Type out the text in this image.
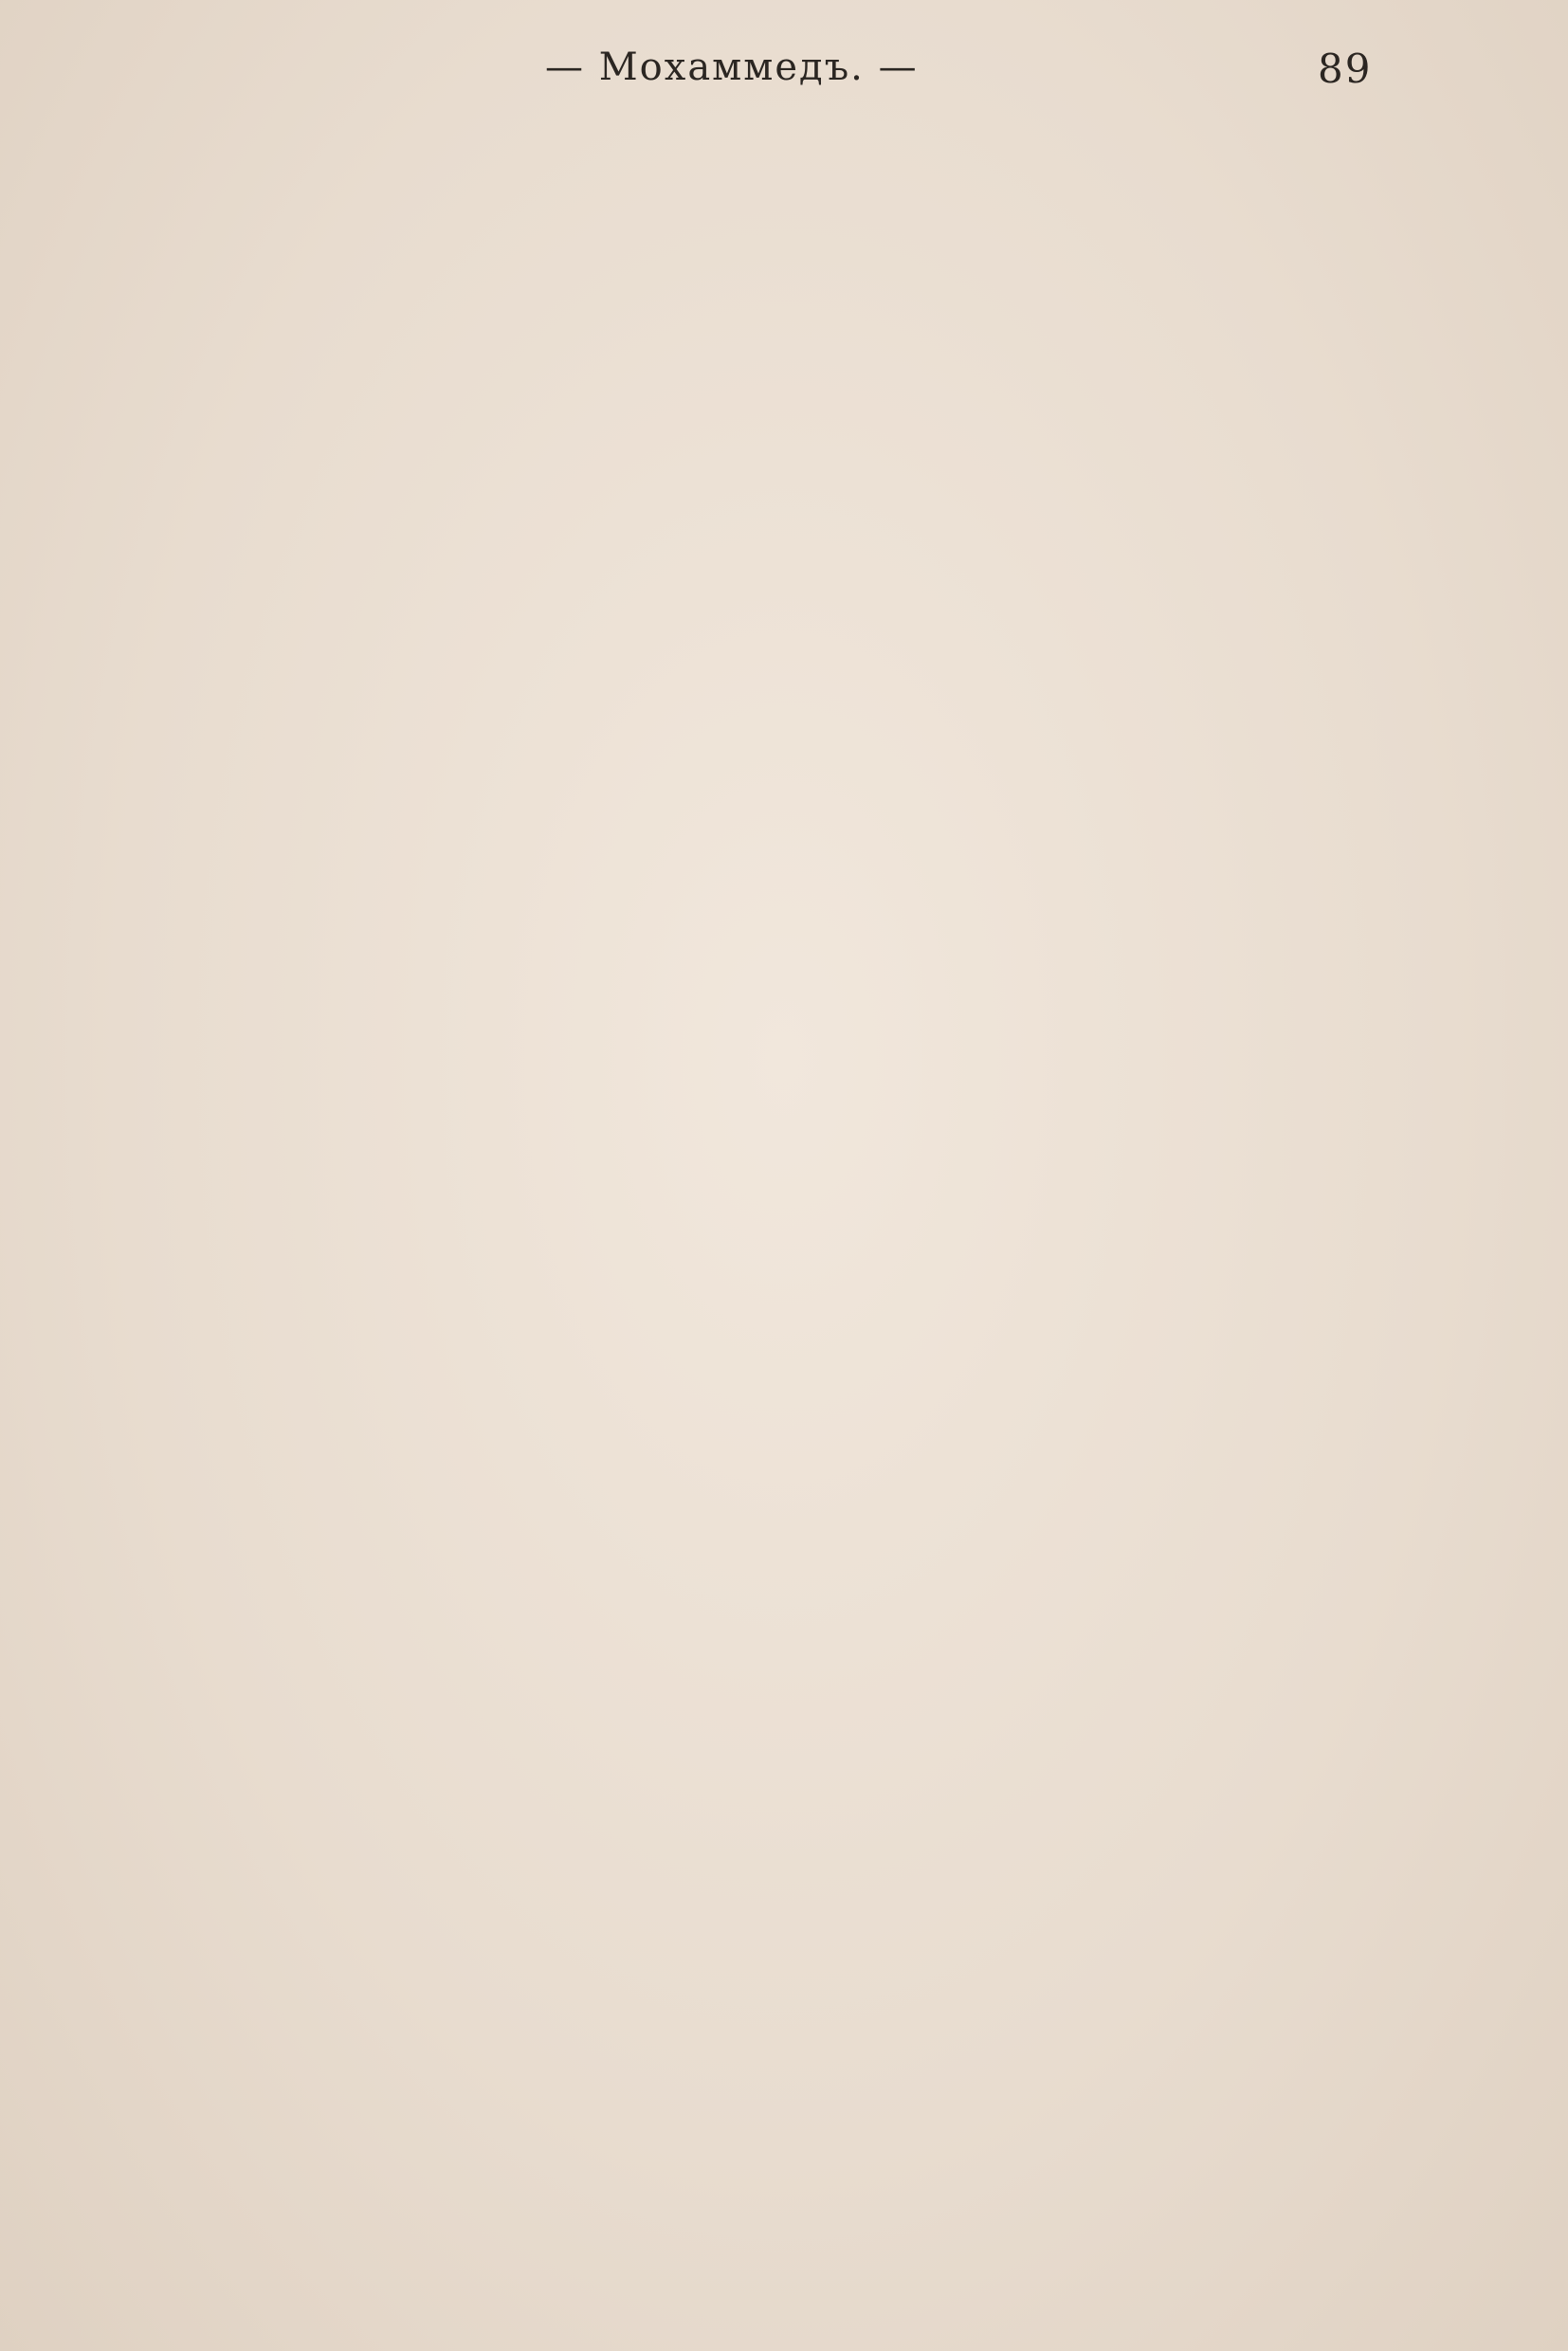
— Мохаммедъ. —	89
